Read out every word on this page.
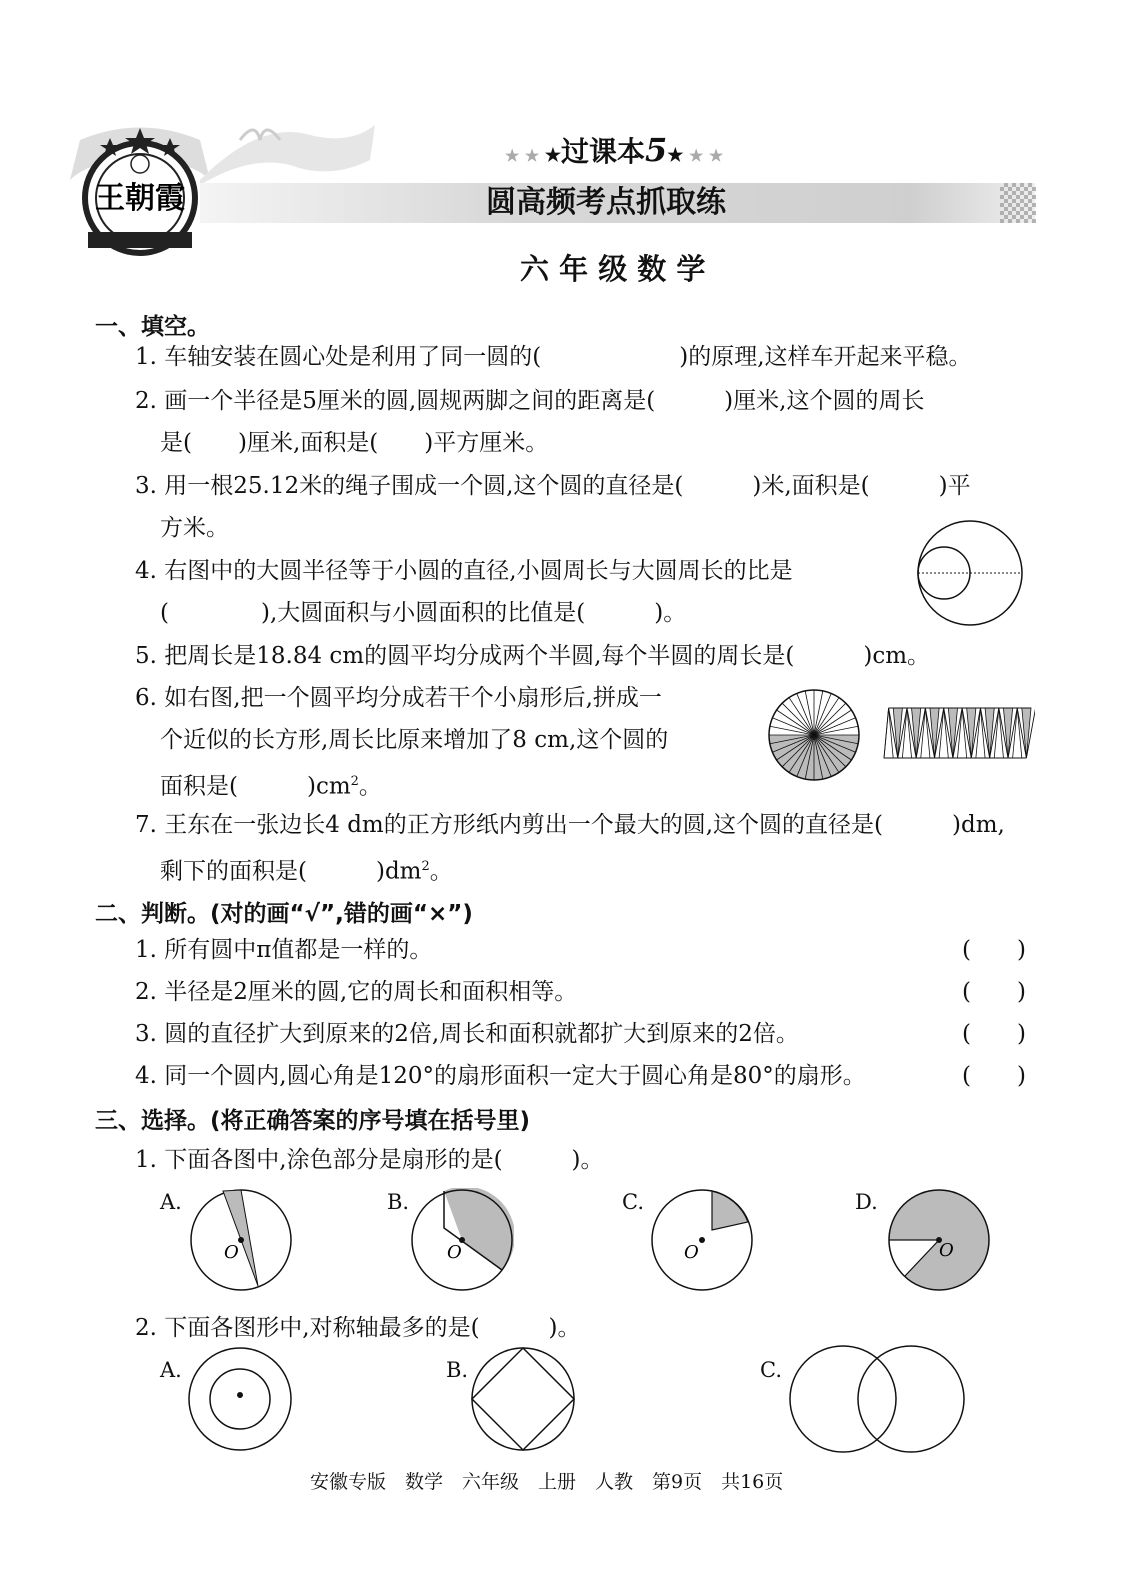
王朝霞
★ ★ ★过课本5★ ★ ★
圆高频考点抓取练
六 年 级 数 学
一、填空。
1. 车轴安装在圆心处是利用了同一圆的(　　　　　　)的原理,这样车开起来平稳。
2. 画一个半径是5厘米的圆,圆规两脚之间的距离是(　　　)厘米,这个圆的周长
是(　　)厘米,面积是(　　)平方厘米。
3. 用一根25.12米的绳子围成一个圆,这个圆的直径是(　　　)米,面积是(　　　)平
方米。
4. 右图中的大圆半径等于小圆的直径,小圆周长与大圆周长的比是
(　　　　),大圆面积与小圆面积的比值是(　　　)。
5. 把周长是18.84 cm的圆平均分成两个半圆,每个半圆的周长是(　　　)cm。
6. 如右图,把一个圆平均分成若干个小扇形后,拼成一
个近似的长方形,周长比原来增加了8 cm,这个圆的
面积是(　　　)$cm^2$。
7. 王东在一张边长4 dm的正方形纸内剪出一个最大的圆,这个圆的直径是(　　　)dm,
剩下的面积是(　　　)$dm^2$。
二、判断。(对的画“√”,错的画“×”)
1. 所有圆中π值都是一样的。	(　　)
2. 半径是2厘米的圆,它的周长和面积相等。	(　　)
3. 圆的直径扩大到原来的2倍,周长和面积就都扩大到原来的2倍。	(　　)
4. 同一个圆内,圆心角是120°的扇形面积一定大于圆心角是80°的扇形。	(　　)
三、选择。(将正确答案的序号填在括号里)
1. 下面各图中,涂色部分是扇形的是(　　　)。
A.
O
B.
O
C.
O
D.
O
2. 下面各图形中,对称轴最多的是(　　　)。
A.	B.	C.
安徽专版　数学　六年级　上册　人教　第9页　共16页
